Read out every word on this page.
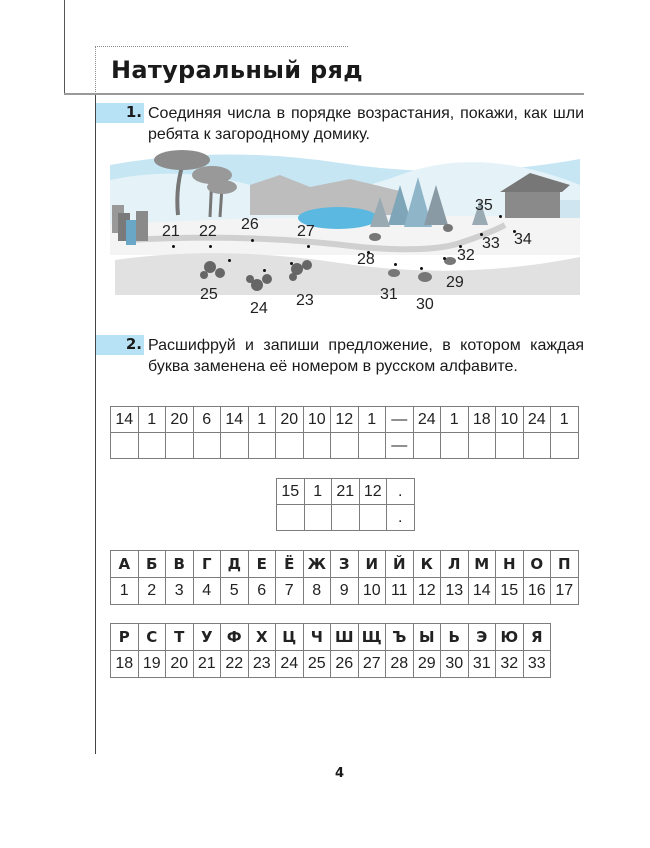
Натуральный ряд
1. Соединяя числа в порядке возрастания, покажи, как шли ребята к загородному домику.
21 22 26 27
25
24 23
28
31
30
29
32
33 34
35
2. Расшифруй и запиши предложение, в котором каждая буква заменена её номером в русском алфавите.
14	1	20	6	14	1	20	10	12	1	—	24	1	18	10	24	1
										—						
15	1	21	12	.
				.
А	Б	В	Г	Д	Е	Ё	Ж	З	И	Й	К	Л	М	Н	О	П
1	2	3	4	5	6	7	8	9	10	11	12	13	14	15	16	17
Р	С	Т	У	Ф	Х	Ц	Ч	Ш	Щ	Ъ	Ы	Ь	Э	Ю	Я
18	19	20	21	22	23	24	25	26	27	28	29	30	31	32	33
4
